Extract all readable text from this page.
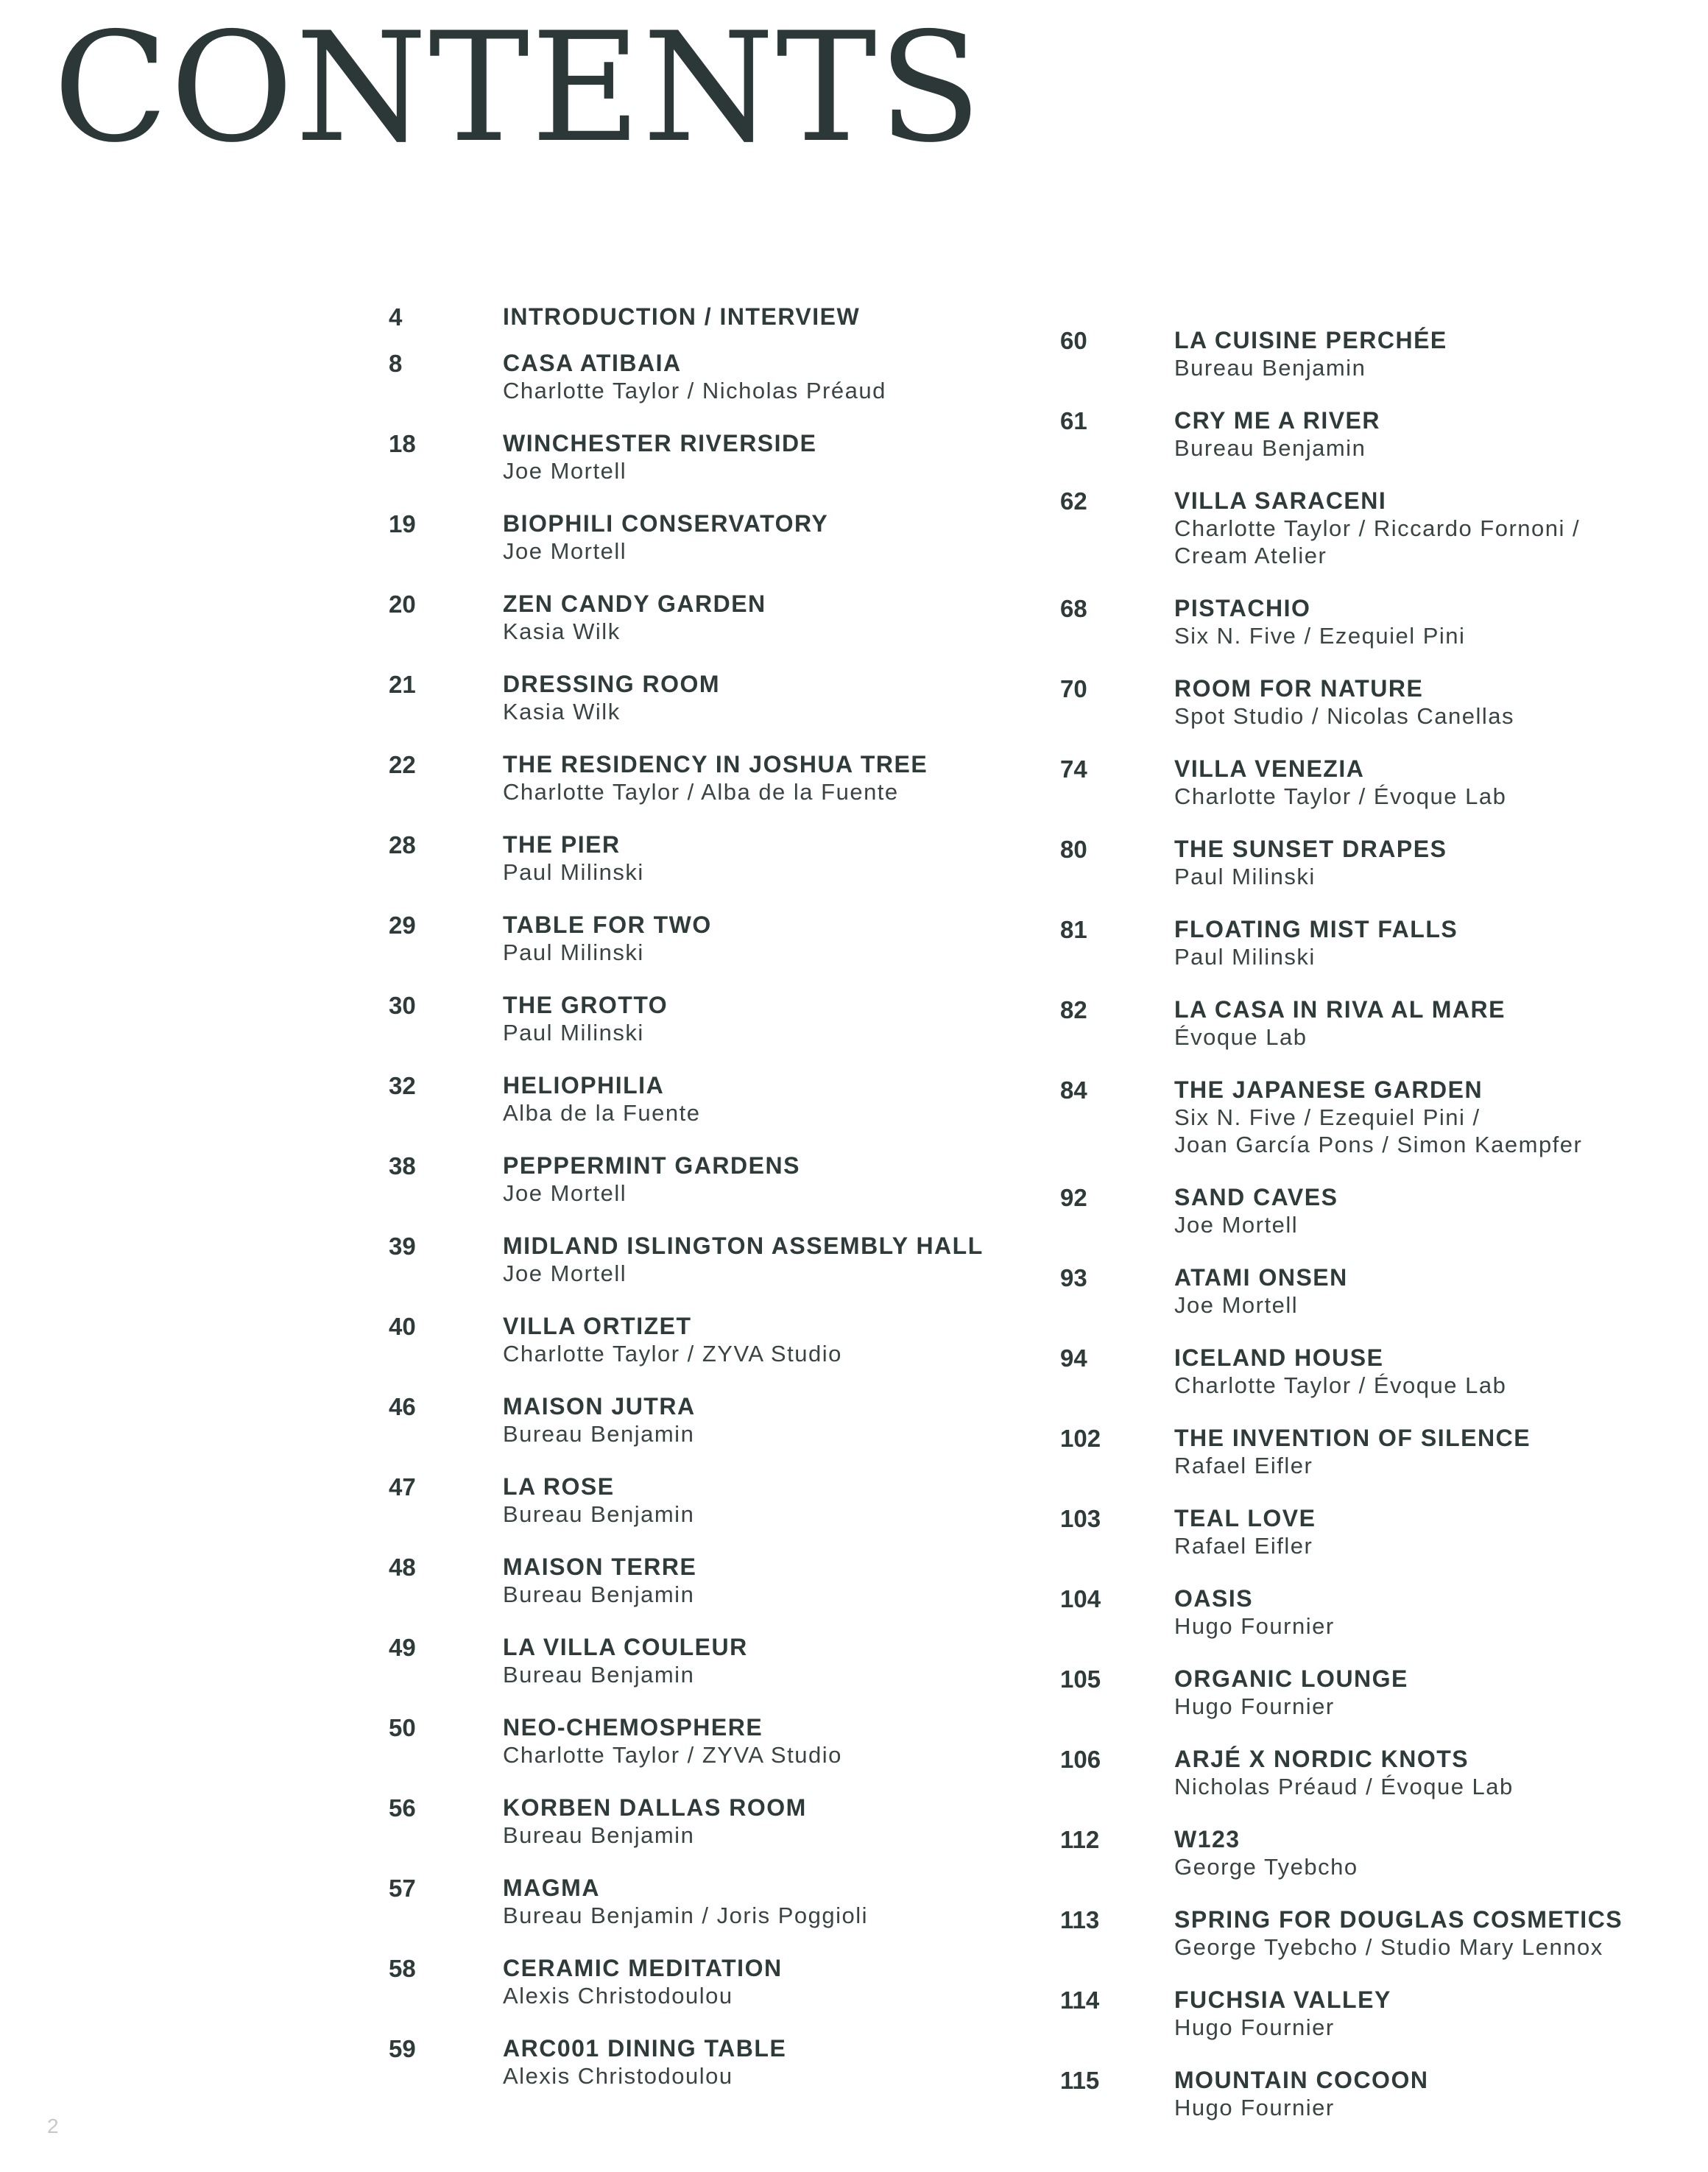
CONTENTS
4	INTRODUCTION / INTERVIEW
8	CASA ATIBAIA
Charlotte Taylor / Nicholas Préaud
18	WINCHESTER RIVERSIDE
Joe Mortell
19	BIOPHILI CONSERVATORY
Joe Mortell
20	ZEN CANDY GARDEN
Kasia Wilk
21	DRESSING ROOM
Kasia Wilk
22	THE RESIDENCY IN JOSHUA TREE
Charlotte Taylor / Alba de la Fuente
28	THE PIER
Paul Milinski
29	TABLE FOR TWO
Paul Milinski
30	THE GROTTO
Paul Milinski
32	HELIOPHILIA
Alba de la Fuente
38	PEPPERMINT GARDENS
Joe Mortell
39	MIDLAND ISLINGTON ASSEMBLY HALL
Joe Mortell
40	VILLA ORTIZET
Charlotte Taylor / ZYVA Studio
46	MAISON JUTRA
Bureau Benjamin
47	LA ROSE
Bureau Benjamin
48	MAISON TERRE
Bureau Benjamin
49	LA VILLA COULEUR
Bureau Benjamin
50	NEO-CHEMOSPHERE
Charlotte Taylor / ZYVA Studio
56	KORBEN DALLAS ROOM
Bureau Benjamin
57	MAGMA
Bureau Benjamin / Joris Poggioli
58	CERAMIC MEDITATION
Alexis Christodoulou
59	ARC001 DINING TABLE
Alexis Christodoulou
60	LA CUISINE PERCHÉE
Bureau Benjamin
61	CRY ME A RIVER
Bureau Benjamin
62	VILLA SARACENI
Charlotte Taylor / Riccardo Fornoni /
Cream Atelier
68	PISTACHIO
Six N. Five / Ezequiel Pini
70	ROOM FOR NATURE
Spot Studio / Nicolas Canellas
74	VILLA VENEZIA
Charlotte Taylor / Évoque Lab
80	THE SUNSET DRAPES
Paul Milinski
81	FLOATING MIST FALLS
Paul Milinski
82	LA CASA IN RIVA AL MARE
Évoque Lab
84	THE JAPANESE GARDEN
Six N. Five / Ezequiel Pini /
Joan García Pons / Simon Kaempfer
92	SAND CAVES
Joe Mortell
93	ATAMI ONSEN
Joe Mortell
94	ICELAND HOUSE
Charlotte Taylor / Évoque Lab
102	THE INVENTION OF SILENCE
Rafael Eifler
103	TEAL LOVE
Rafael Eifler
104	OASIS
Hugo Fournier
105	ORGANIC LOUNGE
Hugo Fournier
106	ARJÉ X NORDIC KNOTS
Nicholas Préaud / Évoque Lab
112	W123
George Tyebcho
113	SPRING FOR DOUGLAS COSMETICS
George Tyebcho / Studio Mary Lennox
114	FUCHSIA VALLEY
Hugo Fournier
115	MOUNTAIN COCOON
Hugo Fournier
2
